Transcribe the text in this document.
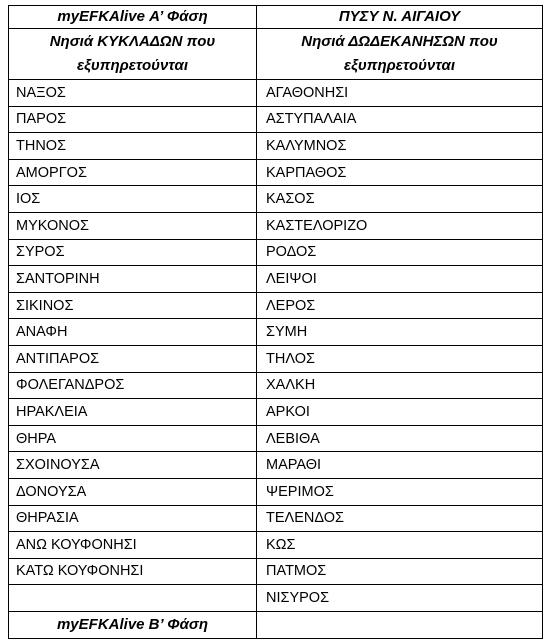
myEFKAlive Α’ Φάση	ΠΥΣΥ Ν. ΑΙΓΑΙΟΥ
Νησιά ΚΥΚΛΑΔΩΝ που εξυπηρετούνται	Νησιά ΔΩΔΕΚΑΝΗΣΩΝ που εξυπηρετούνται
ΝΑΞΟΣ	ΑΓΑΘΟΝΗΣΙ
ΠΑΡΟΣ	ΑΣΤΥΠΑΛΑΙΑ
ΤΗΝΟΣ	ΚΑΛΥΜΝΟΣ
ΑΜΟΡΓΟΣ	ΚΑΡΠΑΘΟΣ
ΙΟΣ	ΚΑΣΟΣ
ΜΥΚΟΝΟΣ	ΚΑΣΤΕΛΟΡΙΖΟ
ΣΥΡΟΣ	ΡΟΔΟΣ
ΣΑΝΤΟΡΙΝΗ	ΛΕΙΨΟΙ
ΣΙΚΙΝΟΣ	ΛΕΡΟΣ
ΑΝΑΦΗ	ΣΥΜΗ
ΑΝΤΙΠΑΡΟΣ	ΤΗΛΟΣ
ΦΟΛΕΓΑΝΔΡΟΣ	ΧΑΛΚΗ
ΗΡΑΚΛΕΙΑ	ΑΡΚΟΙ
ΘΗΡΑ	ΛΕΒΙΘΑ
ΣΧΟΙΝΟΥΣΑ	ΜΑΡΑΘΙ
ΔΟΝΟΥΣΑ	ΨΕΡΙΜΟΣ
ΘΗΡΑΣΙΑ	ΤΕΛΕΝΔΟΣ
ΑΝΩ ΚΟΥΦΟΝΗΣΙ	ΚΩΣ
ΚΑΤΩ ΚΟΥΦΟΝΗΣΙ	ΠΑΤΜΟΣ
	ΝΙΣΥΡΟΣ
myEFKAlive Β’ Φάση	
